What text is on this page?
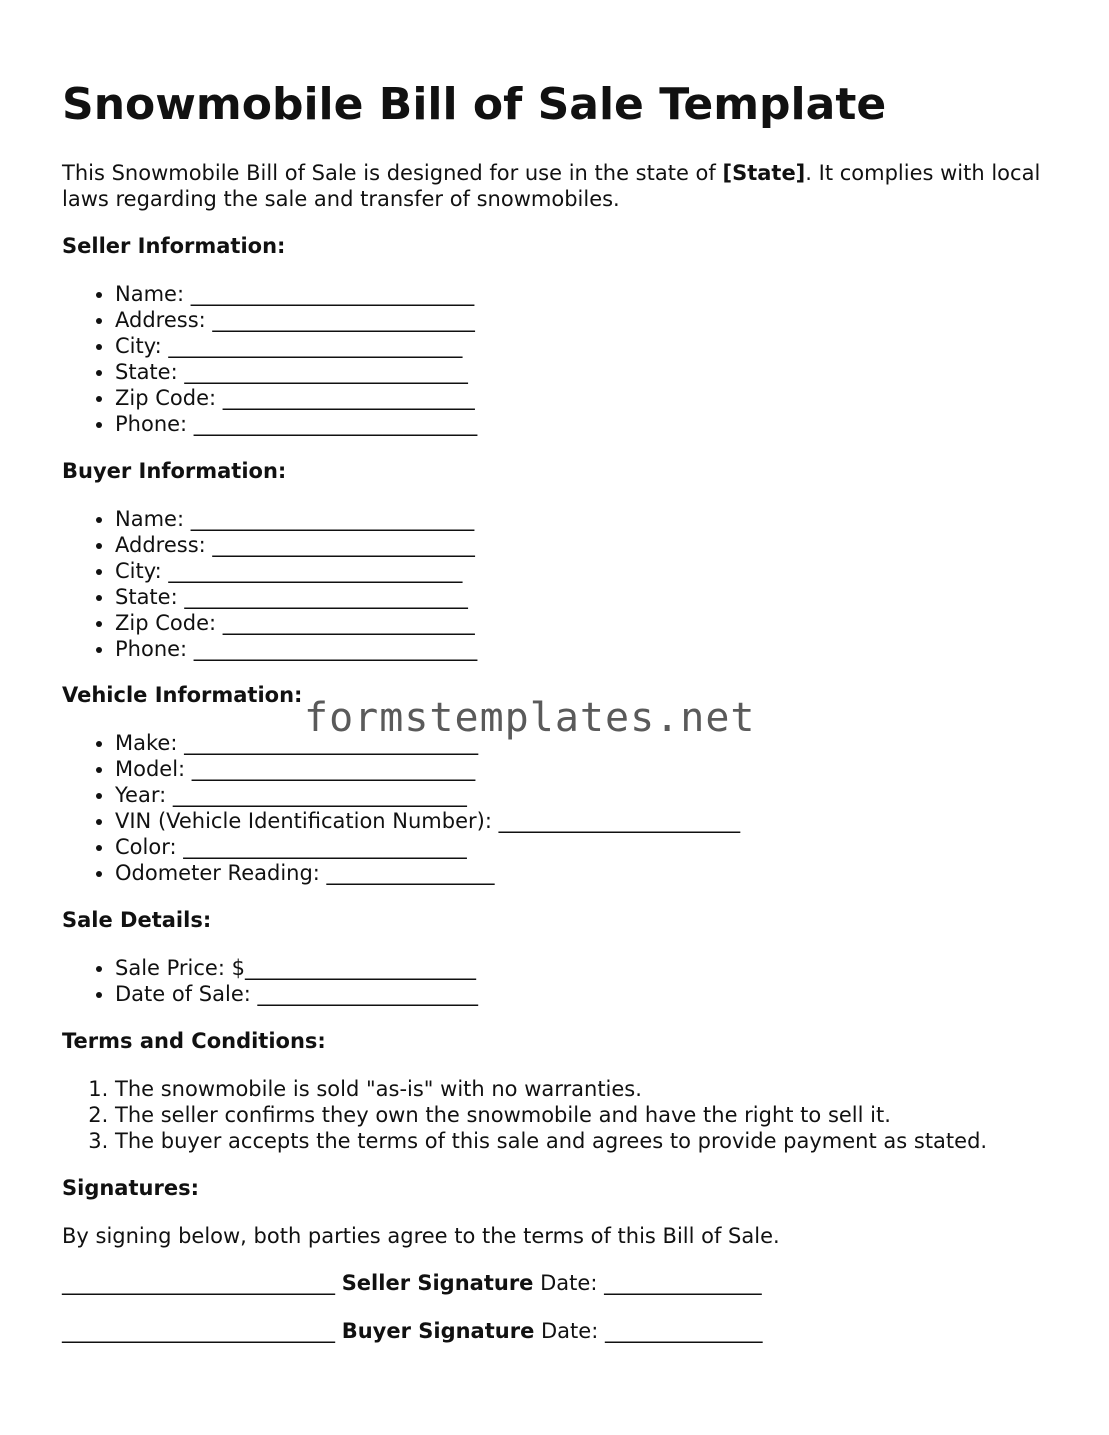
Snowmobile Bill of Sale Template

This Snowmobile Bill of Sale is designed for use in the state of [State]. It complies with local laws regarding the sale and transfer of snowmobiles.

Seller Information:
• Name: ___________________________
• Address: _________________________
• City: ____________________________
• State: ___________________________
• Zip Code: ________________________
• Phone: ___________________________
Buyer Information:
• Name: ___________________________
• Address: _________________________
• City: ____________________________
• State: ___________________________
• Zip Code: ________________________
• Phone: ___________________________
Vehicle Information:
• Make: ____________________________
• Model: ___________________________
• Year: ____________________________
• VIN (Vehicle Identification Number): _______________________
• Color: ___________________________
• Odometer Reading: ________________
Sale Details:
• Sale Price: $______________________
• Date of Sale: _____________________
Terms and Conditions:
1. The snowmobile is sold "as-is" with no warranties.
2. The seller confirms they own the snowmobile and have the right to sell it.
3. The buyer accepts the terms of this sale and agrees to provide payment as stated.
Signatures:

By signing below, both parties agree to the terms of this Bill of Sale.

__________________________ Seller Signature Date: _______________

__________________________ Buyer Signature Date: _______________

formstemplates.net
